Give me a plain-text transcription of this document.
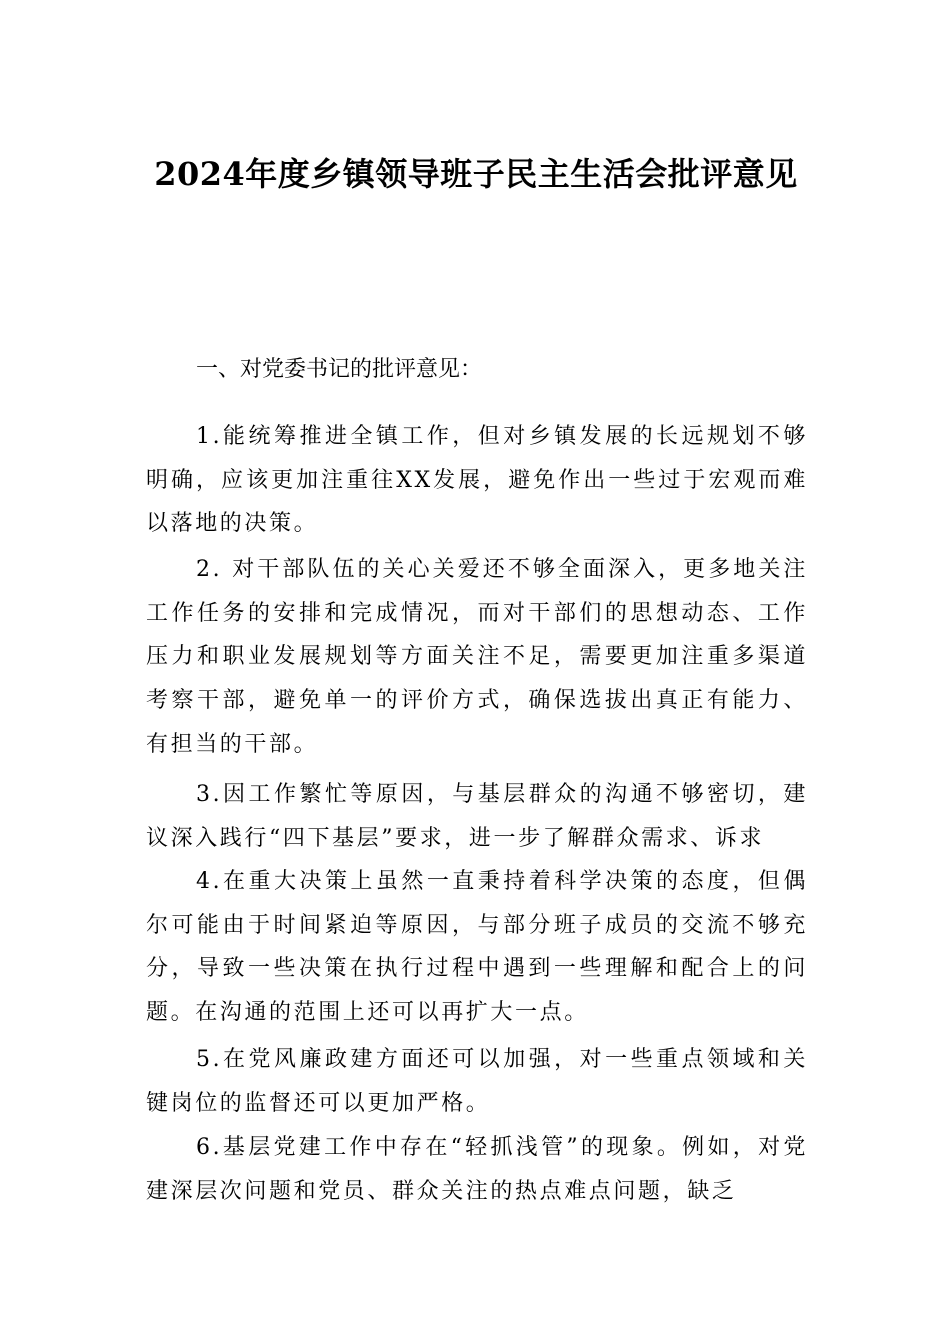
2024年度乡镇领导班子民主生活会批评意见
一、对党委书记的批评意见：

1.能统筹推进全镇工作，但对乡镇发展的长远规划不够明确，应该更加注重往XX发展，避免作出一些过于宏观而难以落地的决策。

2. 对干部队伍的关心关爱还不够全面深入，更多地关注工作任务的安排和完成情况，而对干部们的思想动态、工作压力和职业发展规划等方面关注不足，需要更加注重多渠道考察干部，避免单一的评价方式，确保选拔出真正有能力、有担当的干部。

3.因工作繁忙等原因，与基层群众的沟通不够密切，建议深入践行“四下基层”要求，进一步了解群众需求、诉求

4.在重大决策上虽然一直秉持着科学决策的态度，但偶尔可能由于时间紧迫等原因，与部分班子成员的交流不够充分，导致一些决策在执行过程中遇到一些理解和配合上的问题。在沟通的范围上还可以再扩大一点。

5.在党风廉政建方面还可以加强，对一些重点领域和关键岗位的监督还可以更加严格。

6.基层党建工作中存在“轻抓浅管”的现象。例如，对党建深层次问题和党员、群众关注的热点难点问题，缺乏
